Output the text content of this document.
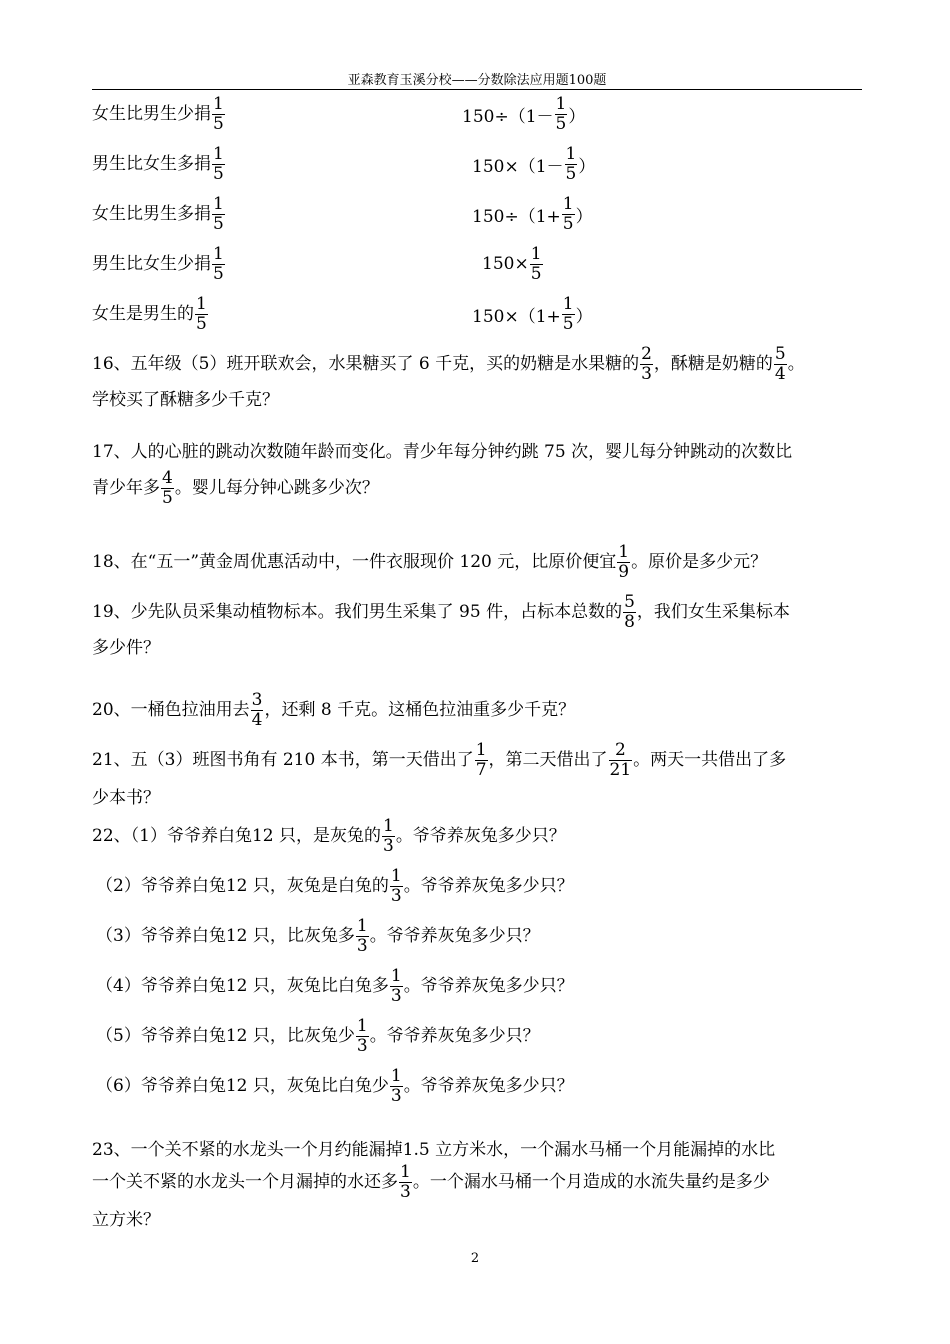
亚森教育玉溪分校——分数除法应用题100题
女生比男生少捐 $\frac{1}{5}$	$150\div(1- \frac{1}{5}$ ）
男生比女生多捐 $\frac{1}{5}$	$150\times(1- \frac{1}{5}$ ）
女生比男生多捐 $\frac{1}{5}$	$150\div(1+ \frac{1}{5}$ ）
男生比女生少捐 $\frac{1}{5}$	$150\times \frac{1}{5}$
女生是男生的 $\frac{1}{5}$	$150\times(1+ \frac{1}{5}$ ）
16、五年级（5）班开联欢会，水果糖买了 6 千克，买的奶糖是水果糖的 $\frac{2}{3}$ ，酥糖是奶糖的 $\frac{5}{4}$ 。
学校买了酥糖多少千克？
17、人的心脏的跳动次数随年龄而变化。青少年每分钟约跳 75 次，婴儿每分钟跳动的次数比
青少年多 $\frac{4}{5}$ 。婴儿每分钟心跳多少次？
18、在“五一”黄金周优惠活动中，一件衣服现价 120 元，比原价便宜 $\frac{1}{9}$ 。原价是多少元？
19、少先队员采集动植物标本。我们男生采集了 95 件，占标本总数的 $\frac{5}{8}$ ，我们女生采集标本
多少件？
20、一桶色拉油用去 $\frac{3}{4}$ ，还剩 8 千克。这桶色拉油重多少千克？
21、五（3）班图书角有 210 本书，第一天借出了 $\frac{1}{7}$ ，第二天借出了 $\frac{2}{21}$ 。两天一共借出了多
少本书？
22、（1）爷爷养白兔12 只，是灰兔的 $\frac{1}{3}$ 。爷爷养灰兔多少只？
（2）爷爷养白兔12 只，灰兔是白兔的 $\frac{1}{3}$ 。爷爷养灰兔多少只？
（3）爷爷养白兔12 只，比灰兔多 $\frac{1}{3}$ 。爷爷养灰兔多少只？
（4）爷爷养白兔12 只，灰兔比白兔多 $\frac{1}{3}$ 。爷爷养灰兔多少只？
（5）爷爷养白兔12 只，比灰兔少 $\frac{1}{3}$ 。爷爷养灰兔多少只？
（6）爷爷养白兔12 只，灰兔比白兔少 $\frac{1}{3}$ 。爷爷养灰兔多少只？
23、一个关不紧的水龙头一个月约能漏掉1.5 立方米水，一个漏水马桶一个月能漏掉的水比
一个关不紧的水龙头一个月漏掉的水还多 $\frac{1}{3}$ 。一个漏水马桶一个月造成的水流失量约是多少
立方米？
2
